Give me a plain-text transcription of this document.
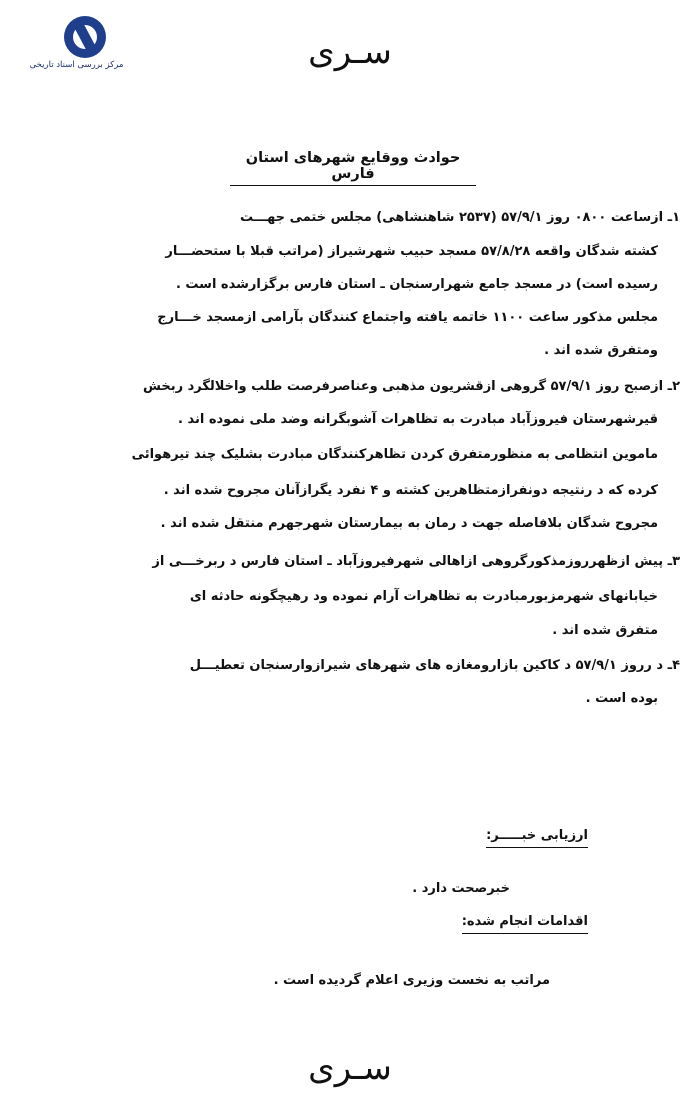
مرکز بررسی اسناد تاریخی	سـری
حوادث ووقایع شهرهای استان فارس
۱ـ ازساعت ۰۸۰۰ روز ۵۷/۹/۱ (۲۵۳۷ شاهنشاهی) مجلس ختمی جهـــت
کشته شدگان واقعه ۵۷/۸/۲۸ مسجد حبیب شهرشیراز (مراتب قبلا با ستحضـــار
رسیده است) در مسجد جامع شهرارسنجان ـ استان فارس برگزارشده است .
مجلس مذکور ساعت ۱۱۰۰ خاتمه یافته واجتماع کنندگان بآرامی ازمسجد خـــارج
ومتفرق شده اند .
۲ـ ازصبح روز ۵۷/۹/۱ گروهی ازقشریون مذهبی وعناصرفرصت طلب واخلالگرد ربخش
قیرشهرستان فیروزآباد مبادرت به تظاهرات آشوبگرانه وضد ملی نموده اند .
ماموین انتظامی به منظورمتفرق کردن تظاهرکنندگان مبادرت بشلیک چند تیرهوائی
کرده که د رنتیجه دونفرازمتظاهرین کشته و ۴ نفرد یگرازآنان مجروح شده اند .
مجروح شدگان بلافاصله جهت د رمان به بیمارستان شهرجهرم منتقل شده اند .
۳ـ پیش ازظهرروزمذکورگروهی ازاهالی شهرفیروزآباد ـ استان فارس د ربرخـــی از
خیابانهای شهرمزبورمبادرت به تظاهرات آرام نموده ود رهیچگونه حادثه ای
متفرق شده اند .
۴ـ د رروز ۵۷/۹/۱ د کاکین بازارومغازه های شهرهای شیرازوارسنجان تعطیـــل
بوده است .
ارزیابی خبـــــر:
خبرصحت دارد .
اقدامات انجام شده:
مراتب به نخست وزیری اعلام گردیده است .
سـری
